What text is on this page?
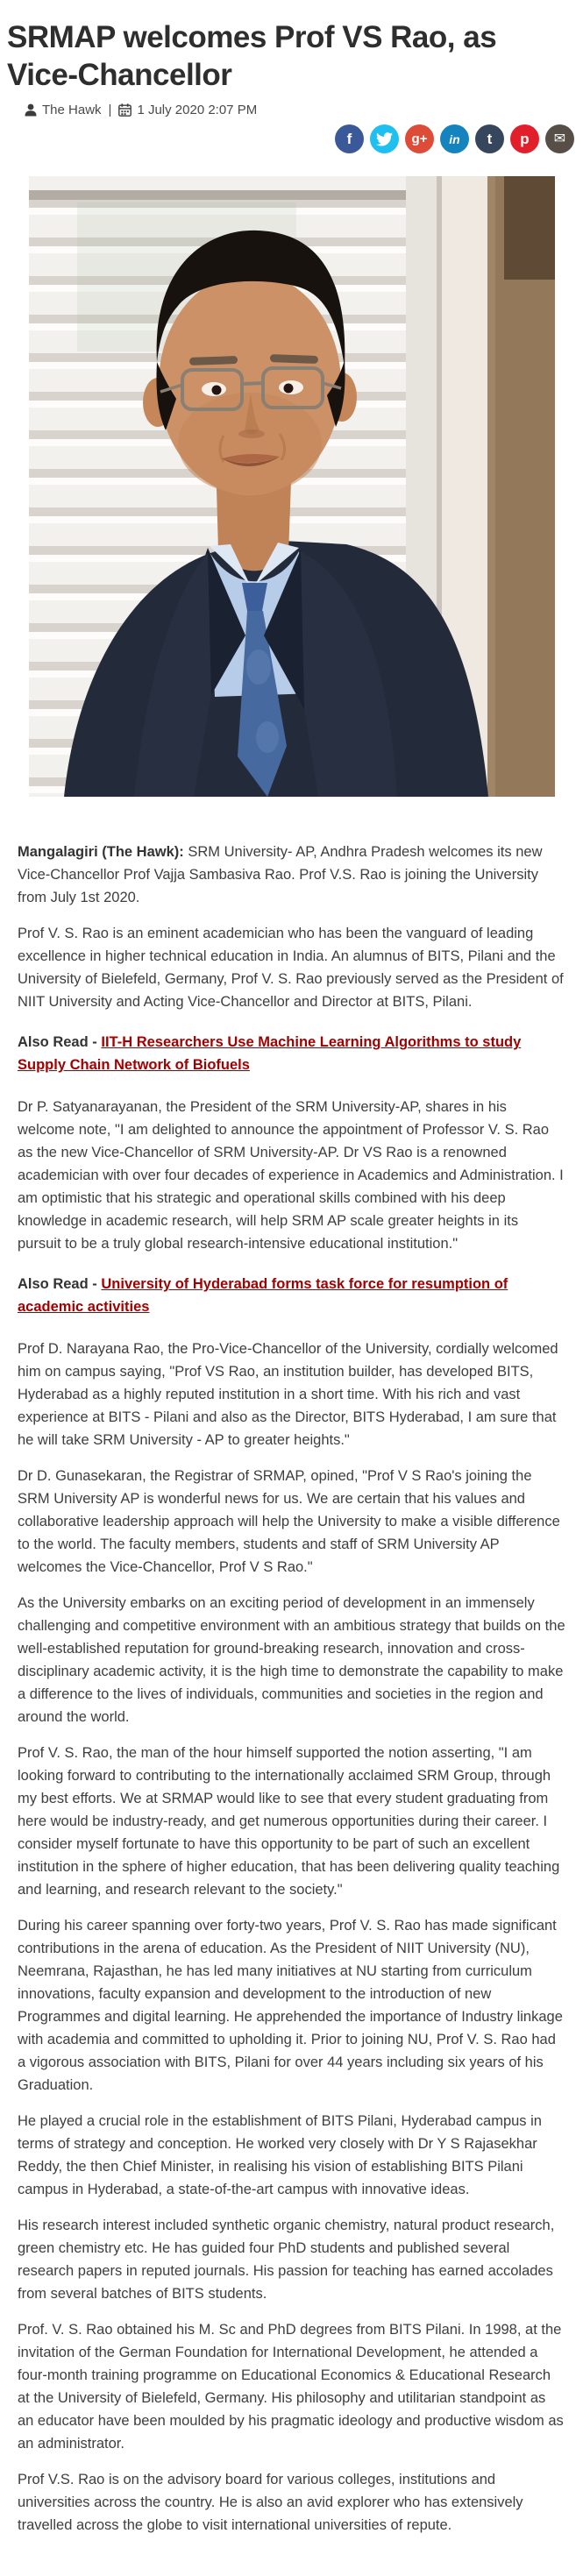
SRMAP welcomes Prof VS Rao, as Vice-Chancellor
The Hawk | 1 July 2020 2:07 PM
f	g+	in	t	p	✉

Mangalagiri (The Hawk): SRM University- AP, Andhra Pradesh welcomes its new Vice-Chancellor Prof Vajja Sambasiva Rao. Prof V.S. Rao is joining the University from July 1st 2020.

Prof V. S. Rao is an eminent academician who has been the vanguard of leading excellence in higher technical education in India. An alumnus of BITS, Pilani and the University of Bielefeld, Germany, Prof V. S. Rao previously served as the President of NIIT University and Acting Vice-Chancellor and Director at BITS, Pilani.

Also Read - IIT-H Researchers Use Machine Learning Algorithms to study Supply Chain Network of Biofuels

Dr P. Satyanarayanan, the President of the SRM University-AP, shares in his welcome note, "I am delighted to announce the appointment of Professor V. S. Rao as the new Vice-Chancellor of SRM University-AP. Dr VS Rao is a renowned academician with over four decades of experience in Academics and Administration. I am optimistic that his strategic and operational skills combined with his deep knowledge in academic research, will help SRM AP scale greater heights in its pursuit to be a truly global research-intensive educational institution."

Also Read - University of Hyderabad forms task force for resumption of academic activities

Prof D. Narayana Rao, the Pro-Vice-Chancellor of the University, cordially welcomed him on campus saying, "Prof VS Rao, an institution builder, has developed BITS, Hyderabad as a highly reputed institution in a short time. With his rich and vast experience at BITS - Pilani and also as the Director, BITS Hyderabad, I am sure that he will take SRM University - AP to greater heights."

Dr D. Gunasekaran, the Registrar of SRMAP, opined, "Prof V S Rao's joining the SRM University AP is wonderful news for us. We are certain that his values and collaborative leadership approach will help the University to make a visible difference to the world. The faculty members, students and staff of SRM University AP welcomes the Vice-Chancellor, Prof V S Rao."

As the University embarks on an exciting period of development in an immensely challenging and competitive environment with an ambitious strategy that builds on the well-established reputation for ground-breaking research, innovation and cross-disciplinary academic activity, it is the high time to demonstrate the capability to make a difference to the lives of individuals, communities and societies in the region and around the world.

Prof V. S. Rao, the man of the hour himself supported the notion asserting, "I am looking forward to contributing to the internationally acclaimed SRM Group, through my best efforts. We at SRMAP would like to see that every student graduating from here would be industry-ready, and get numerous opportunities during their career. I consider myself fortunate to have this opportunity to be part of such an excellent institution in the sphere of higher education, that has been delivering quality teaching and learning, and research relevant to the society."

During his career spanning over forty-two years, Prof V. S. Rao has made significant contributions in the arena of education. As the President of NIIT University (NU), Neemrana, Rajasthan, he has led many initiatives at NU starting from curriculum innovations, faculty expansion and development to the introduction of new Programmes and digital learning. He apprehended the importance of Industry linkage with academia and committed to upholding it. Prior to joining NU, Prof V. S. Rao had a vigorous association with BITS, Pilani for over 44 years including six years of his Graduation.

He played a crucial role in the establishment of BITS Pilani, Hyderabad campus in terms of strategy and conception. He worked very closely with Dr Y S Rajasekhar Reddy, the then Chief Minister, in realising his vision of establishing BITS Pilani campus in Hyderabad, a state-of-the-art campus with innovative ideas.

His research interest included synthetic organic chemistry, natural product research, green chemistry etc. He has guided four PhD students and published several research papers in reputed journals. His passion for teaching has earned accolades from several batches of BITS students.

Prof. V. S. Rao obtained his M. Sc and PhD degrees from BITS Pilani. In 1998, at the invitation of the German Foundation for International Development, he attended a four-month training programme on Educational Economics & Educational Research at the University of Bielefeld, Germany. His philosophy and utilitarian standpoint as an educator have been moulded by his pragmatic ideology and productive wisdom as an administrator.

Prof V.S. Rao is on the advisory board for various colleges, institutions and universities across the country. He is also an avid explorer who has extensively travelled across the globe to visit international universities of repute.
